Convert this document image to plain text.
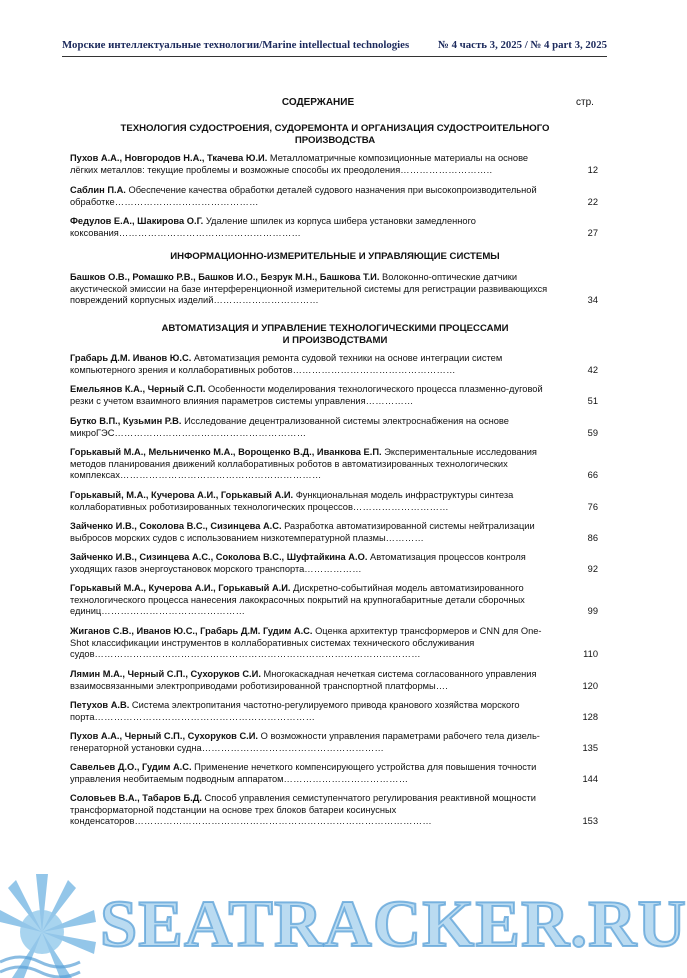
Морские интеллектуальные технологии/Marine intellectual technologies	№ 4 часть 3, 2025 / № 4 part 3, 2025
СОДЕРЖАНИЕ	стр.
ТЕХНОЛОГИЯ СУДОСТРОЕНИЯ, СУДОРЕМОНТА И ОРГАНИЗАЦИЯ СУДОСТРОИТЕЛЬНОГО
ПРОИЗВОДСТВА
ИНФОРМАЦИОННО-ИЗМЕРИТЕЛЬНЫЕ И УПРАВЛЯЮЩИЕ СИСТЕМЫ
АВТОМАТИЗАЦИЯ И УПРАВЛЕНИЕ ТЕХНОЛОГИЧЕСКИМИ ПРОЦЕССАМИ
И ПРОИЗВОДСТВАМИ
Пухов А.А., Новгородов Н.А., Ткачева Ю.И. Металломатричные композиционные материалы на основе лёгких металлов: текущие проблемы и возможные способы их преодоления………………………..	12
Саблин П.А. Обеспечение качества обработки деталей судового назначения при высокопроизводительной обработке………………………………………	22
Федулов Е.А., Шакирова О.Г. Удаление шпилек из корпуса шибера установки замедленного коксования…………………………………………………	27
Башков О.В., Ромашко Р.В., Башков И.О., Безрук М.Н., Башкова Т.И. Волоконно-оптические датчики акустической эмиссии на базе интерференционной измерительной системы для регистрации развивающихся повреждений корпусных изделий……………………………	34
Грабарь Д.М. Иванов Ю.С. Автоматизация ремонта судовой техники на основе интеграции систем компьютерного зрения и коллаборативных роботов……………………………………………	42
Емельянов К.А., Черный С.П. Особенности моделирования технологического процесса плазменно-дуговой резки с учетом взаимного влияния параметров системы управления……………	51
Бутко В.П., Кузьмин Р.В. Исследование децентрализованной системы электроснабжения на основе микроГЭС……………………………………………………	59
Горькавый М.А., Мельниченко М.А., Ворощенко В.Д., Иванкова Е.П. Экспериментальные исследования методов планирования движений коллаборативных роботов в автоматизированных технологических комплексах………………………………………………………	66
Горькавый, М.А., Кучерова А.И., Горькавый А.И. Функциональная модель инфраструктуры синтеза коллаборативных роботизированных технологических процессов…………………………	76
Зайченко И.В., Соколова В.С., Сизинцева А.С. Разработка автоматизированной системы нейтрализации выбросов морских судов с использованием низкотемпературной плазмы…………	86
Зайченко И.В., Сизинцева А.С., Соколова В.С., Шуфтайкина А.О. Автоматизация процессов контроля уходящих газов энергоустановок морского транспорта………………	92
Горькавый М.А., Кучерова А.И., Горькавый А.И. Дискретно-событийная модель автоматизированного технологического процесса нанесения лакокрасочных покрытий на крупногабаритные детали сборочных единиц………………………………………	99
Жиганов С.В., Иванов Ю.С., Грабарь Д.М. Гудим А.С. Оценка архитектур трансформеров и CNN для One-Shot классификации инструментов в коллаборативных системах технического обслуживания судов…………………………………………………………………………………………	110
Лямин М.А., Черный С.П., Сухоруков С.И. Многокаскадная нечеткая система согласованного управления взаимосвязанными электроприводами роботизированной транспортной платформы….	120
Петухов А.В. Система электропитания частотно-регулируемого привода кранового хозяйства морского порта……………………………………………………………	128
Пухов А.А., Черный С.П., Сухоруков С.И. О возможности управления параметрами рабочего тела дизель-генераторной установки судна…………………………………………………	135
Савельев Д.О., Гудим А.С. Применение нечеткого компенсирующего устройства для повышения точности управления необитаемым подводным аппаратом…………………………………	144
Соловьев В.А., Табаров Б.Д. Способ управления семиступенчатого регулирования реактивной мощности трансформаторной подстанции на основе трех блоков батареи косинусных конденсаторов…………………………………………………………………………………	153
SEATRACKER.RU
